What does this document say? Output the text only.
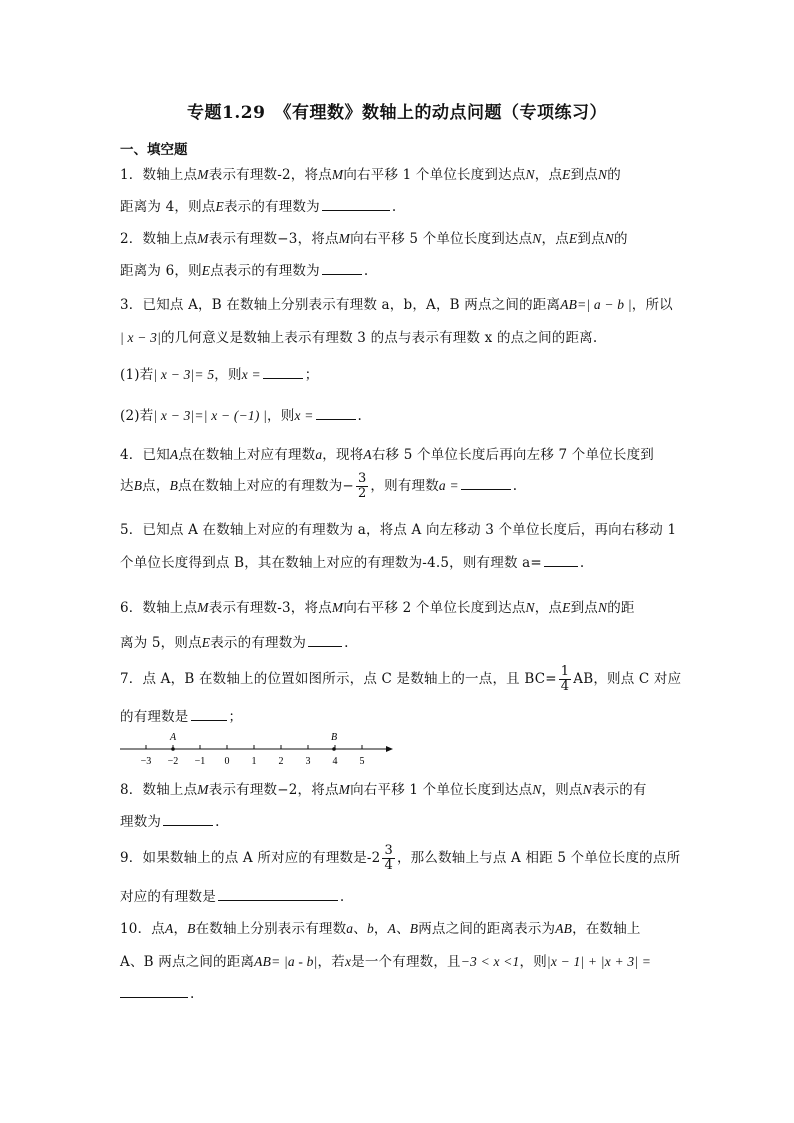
专题1.29　《有理数》数轴上的动点问题（专项练习）
一、填空题
1．数轴上点M表示有理数-2，将点M向右平移 1 个单位长度到达点N，点E到点N的
距离为 4，则点E表示的有理数为	.
2．数轴上点M表示有理数−3，将点M向右平移 5 个单位长度到达点N，点E到点N的
距离为 6，则E点表示的有理数为	.
3．已知点 A，B 在数轴上分别表示有理数 a，b，A，B 两点之间的距离AB=| a − b |，所以
| x − 3|的几何意义是数轴上表示有理数 3 的点与表示有理数 x 的点之间的距离.
(1)若| x − 3|= 5，则x =	；
(2)若| x − 3|=| x − (−1) |，则x =	.
4．已知A点在数轴上对应有理数a，现将A右移 5 个单位长度后再向左移 7 个单位长度到
达B点，B点在数轴上对应的有理数为− $\frac{3}{2}$ ，则有理数a =	.
5．已知点 A 在数轴上对应的有理数为 a，将点 A 向左移动 3 个单位长度后，再向右移动 1
个单位长度得到点 B，其在数轴上对应的有理数为-4.5，则有理数 a=	.
6．数轴上点M表示有理数-3，将点M向右平移 2 个单位长度到达点N，点E到点N的距
离为 5，则点E表示的有理数为	.
7．点 A，B 在数轴上的位置如图所示，点 C 是数轴上的一点，且 $BC= \frac{1}{4}$ AB，则点 C 对应
的有理数是	；
−3 −2 −1 0 1 2 3 4 5
A	B
8．数轴上点M表示有理数−2，将点M向右平移 1 个单位长度到达点N，则点N表示的有
理数为	.
9．如果数轴上的点 A 所对应的有理数是$-2 \frac{3}{4}$ ，那么数轴上与点 A 相距 5 个单位长度的点所
对应的有理数是	.
10．点A，B在数轴上分别表示有理数a、b，A、B两点之间的距离表示为AB，在数轴上
A、B 两点之间的距离AB= |a - b|，若x是一个有理数，且−3 < x <1，则|x − 1| + |x + 3| =
.
